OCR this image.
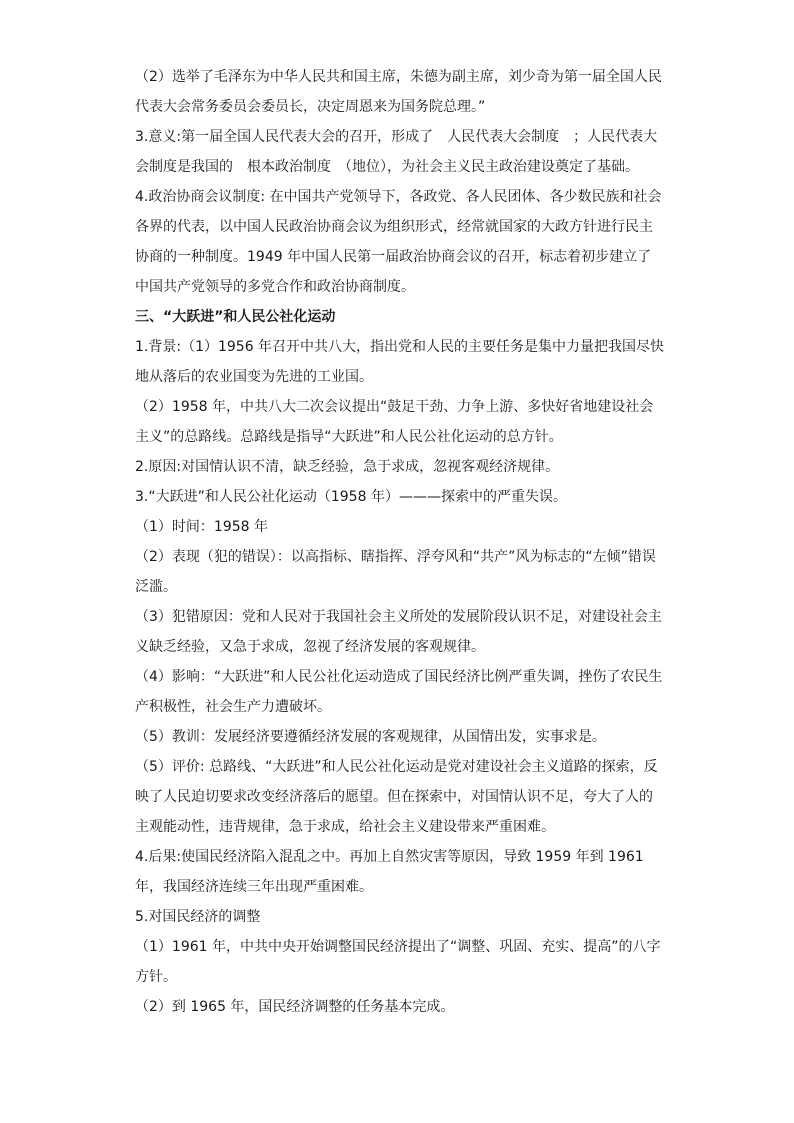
（2）选举了毛泽东为中华人民共和国主席，朱德为副主席，刘少奇为第一届全国人民代表大会常务委员会委员长，决定周恩来为国务院总理。”

3.意义:第一届全国人民代表大会的召开，形成了　人民代表大会制度　；人民代表大会制度是我国的　根本政治制度　（地位），为社会主义民主政治建设奠定了基础。

4.政治协商会议制度: 在中国共产党领导下，各政党、各人民团体、各少数民族和社会各界的代表，以中国人民政治协商会议为组织形式，经常就国家的大政方针进行民主协商的一种制度。1949 年中国人民第一届政治协商会议的召开，标志着初步建立了中国共产党领导的多党合作和政治协商制度。

三、“大跃进”和人民公社化运动

1.背景:（1）1956 年召开中共八大，指出党和人民的主要任务是集中力量把我国尽快地从落后的农业国变为先进的工业国。

（2）1958 年，中共八大二次会议提出“鼓足干劲、力争上游、多快好省地建设社会主义”的总路线。总路线是指导“大跃进”和人民公社化运动的总方针。

2.原因:对国情认识不清，缺乏经验，急于求成，忽视客观经济规律。

3.“大跃进”和人民公社化运动（1958 年）———探索中的严重失误。

（1）时间：1958 年

（2）表现（犯的错误）：以高指标、瞎指挥、浮夸风和“共产”风为标志的“左倾”错误泛滥。

（3）犯错原因：党和人民对于我国社会主义所处的发展阶段认识不足，对建设社会主义缺乏经验，又急于求成，忽视了经济发展的客观规律。

（4）影响：“大跃进”和人民公社化运动造成了国民经济比例严重失调，挫伤了农民生产积极性，社会生产力遭破坏。

（5）教训：发展经济要遵循经济发展的客观规律，从国情出发，实事求是。

（5）评价: 总路线、“大跃进”和人民公社化运动是党对建设社会主义道路的探索，反映了人民迫切要求改变经济落后的愿望。但在探索中，对国情认识不足，夸大了人的主观能动性，违背规律，急于求成，给社会主义建设带来严重困难。

4.后果:使国民经济陷入混乱之中。再加上自然灾害等原因，导致 1959 年到 1961 年，我国经济连续三年出现严重困难。

5.对国民经济的调整

（1）1961 年，中共中央开始调整国民经济提出了“调整、巩固、充实、提高”的八字方针。

（2）到 1965 年，国民经济调整的任务基本完成。
